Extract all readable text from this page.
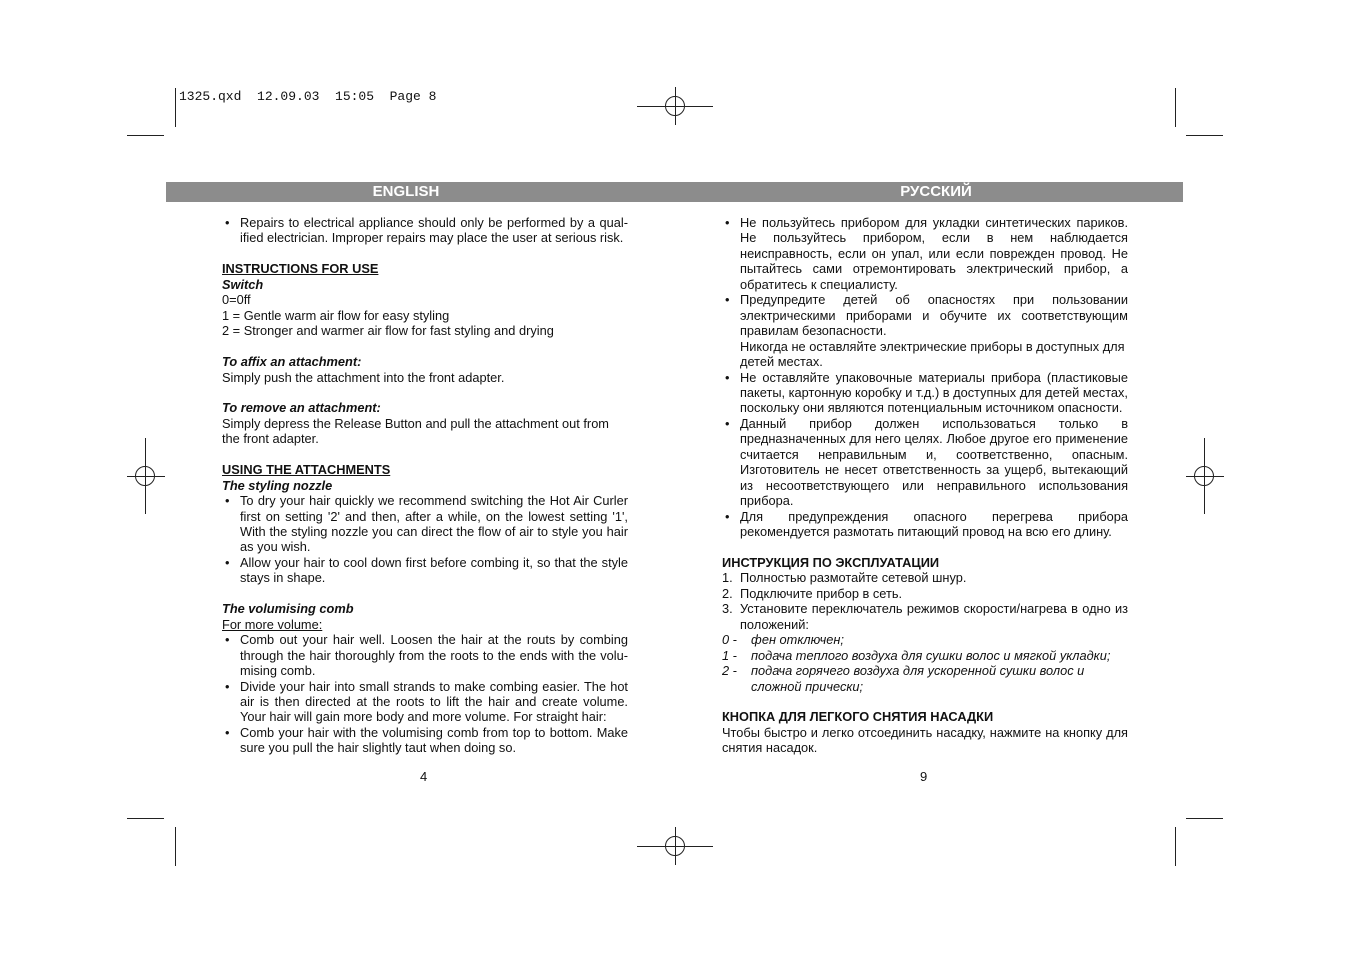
1325.qxd  12.09.03  15:05  Page 8
ENGLISH	РУССКИЙ
• Repairs to electrical appliance should only be performed by a qual-ified electrician. Improper repairs may place the user at serious risk.

INSTRUCTIONS FOR USE

Switch

0=0ff

1 = Gentle warm air flow for easy styling

2 = Stronger and warmer air flow for fast styling and drying

To affix an attachment:

Simply push the attachment into the front adapter.

To remove an attachment:

Simply depress the Release Button and pull the attachment out from the front adapter.

USING THE ATTACHMENTS

The styling nozzle

• To dry your hair quickly we recommend switching the Hot Air Curler first on setting '2' and then, after a while, on the lowest setting '1', With the styling nozzle you can direct the flow of air to style you hair as you wish.
• Allow your hair to cool down first before combing it, so that the style stays in shape.

The volumising comb

For more volume:

• Comb out your hair well. Loosen the hair at the routs by combing through the hair thoroughly from the roots to the ends with the volu-mising comb.
• Divide your hair into small strands to make combing easier. The hot air is then directed at the roots to lift the hair and create volume. Your hair will gain more body and more volume. For straight hair:
• Comb your hair with the volumising comb from top to bottom. Make sure you pull the hair slightly taut when doing so.
4
• Не пользуйтесь прибором для укладки синтетических париков. Не пользуйтесь прибором, если в нем наблюдается неисправность, если он упал, или если поврежден провод. Не пытайтесь сами отремонтировать электрический прибор, а обратитесь к специалисту.
• Предупредите детей об опасностях при пользовании электрическими приборами и обучите их соответствующим правилам безопасности.

Никогда не оставляйте электрические приборы в доступных для детей местах.

• Не оставляйте упаковочные материалы прибора (пластиковые пакеты, картонную коробку и т.д.) в доступных для детей местах, поскольку они являются потенциальным источником опасности.
• Данный прибор должен использоваться только в предназначенных для него целях. Любое другое его применение считается неправильным и, соответственно, опасным. Изготовитель не несет ответственность за ущерб, вытекающий из несоответствующего или неправильного использования прибора.
• Для предупреждения опасного перегрева прибора рекомендуется размотать питающий провод на всю его длину.

ИНСТРУКЦИЯ ПО ЭКСПЛУАТАЦИИ

1. Полностью размотайте сетевой шнур.
2. Подключите прибор в сеть.
3. Установите переключатель режимов скорости/нагрева в одно из положений:
0 - фен отключен;
1 - подача теплого воздуха для сушки волос и мягкой укладки;
2 - подача горячего воздуха для ускоренной сушки волос и сложной прически;

КНОПКА ДЛЯ ЛЕГКОГО СНЯТИЯ НАСАДКИ

Чтобы быстро и легко отсоединить насадку, нажмите на кнопку для снятия насадок.

9
